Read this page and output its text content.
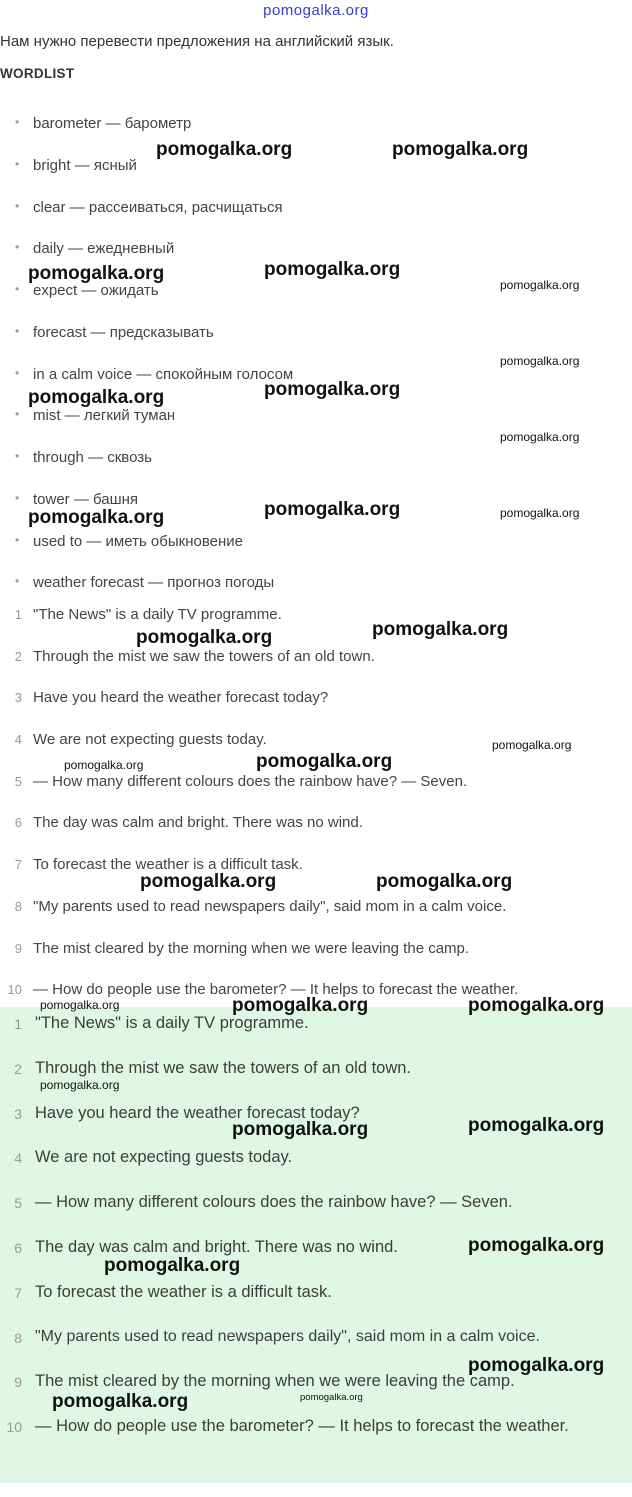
pomogalka.org
Нам нужно перевести предложения на английский язык.
WORDLIST
• barometer — барометр
• bright — ясный
• clear — рассеиваться, расчищаться
• daily — ежедневный
• expect — ожидать
• forecast — предсказывать
• in a calm voice — спокойным голосом
• mist — легкий туман
• through — сквозь
• tower — башня
• used to — иметь обыкновение
• weather forecast — прогноз погоды
1 "The News" is a daily TV programme.
2 Through the mist we saw the towers of an old town.
3 Have you heard the weather forecast today?
4 We are not expecting guests today.
5 — How many different colours does the rainbow have? — Seven.
6 The day was calm and bright. There was no wind.
7 To forecast the weather is a difficult task.
8 "My parents used to read newspapers daily", said mom in a calm voice.
9 The mist cleared by the morning when we were leaving the camp.
10 — How do people use the barometer? — It helps to forecast the weather.
1 "The News" is a daily TV programme.
2 Through the mist we saw the towers of an old town.
3 Have you heard the weather forecast today?
4 We are not expecting guests today.
5 — How many different colours does the rainbow have? — Seven.
6 The day was calm and bright. There was no wind.
7 To forecast the weather is a difficult task.
8 "My parents used to read newspapers daily", said mom in a calm voice.
9 The mist cleared by the morning when we were leaving the camp.
10 — How do people use the barometer? — It helps to forecast the weather.
pomogalka.org	pomogalka.org
pomogalka.org	pomogalka.org
pomogalka.org
pomogalka.org
pomogalka.org	pomogalka.org
pomogalka.org
pomogalka.org	pomogalka.org	pomogalka.org
pomogalka.org	pomogalka.org
pomogalka.org	pomogalka.org
pomogalka.org
pomogalka.org	pomogalka.org
pomogalka.org	pomogalka.org	pomogalka.org
pomogalka.org
pomogalka.org	pomogalka.org
pomogalka.org
pomogalka.org
pomogalka.org
pomogalka.org	pomogalka.org
